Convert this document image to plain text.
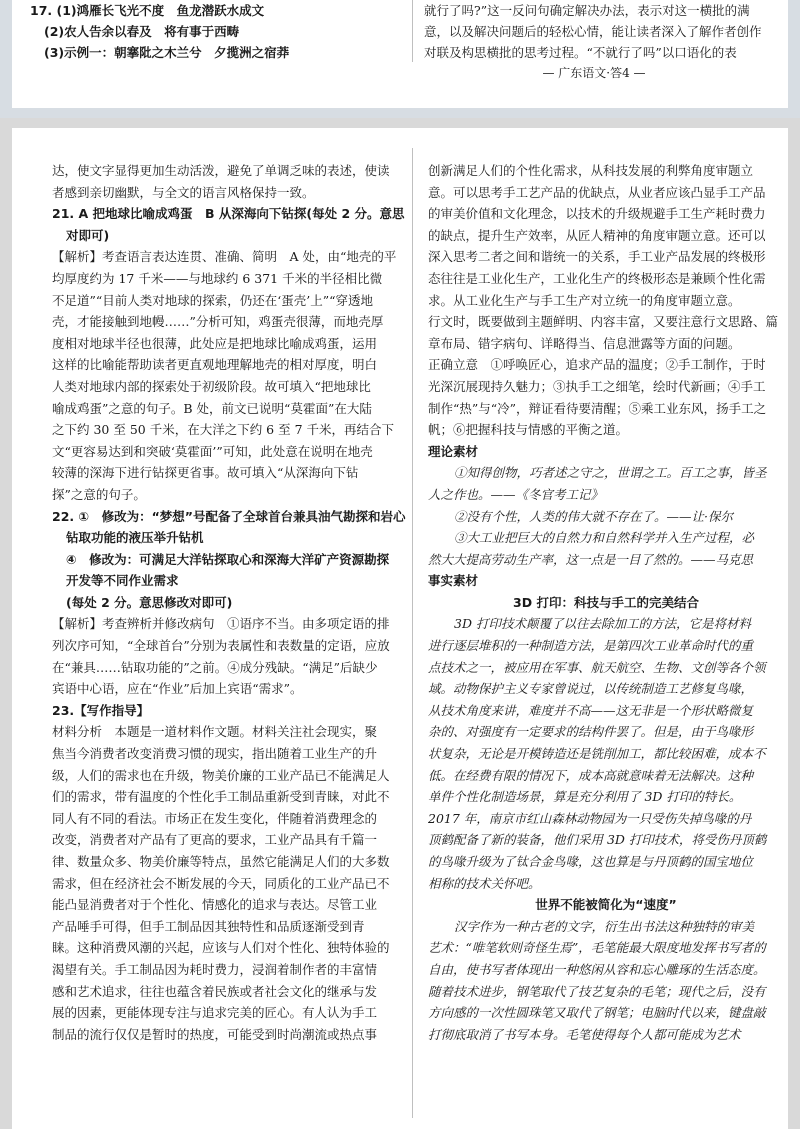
17. (1)鸿雁长飞光不度　鱼龙潜跃水成文
(2)农人告余以春及　将有事于西畴
(3)示例一：朝搴阰之木兰兮　夕揽洲之宿莽
就行了吗?”这一反问句确定解决办法，表示对这一横批的满
意，以及解决问题后的轻松心情，能让读者深入了解作者创作
对联及构思横批的思考过程。“不就行了吗”以口语化的表
— 广东语文·答4 —
达，使文字显得更加生动活泼，避免了单调乏味的表述，使读
者感到亲切幽默，与全文的语言风格保持一致。
21. A 把地球比喻成鸡蛋　B 从深海向下钻探(每处 2 分。意思
对即可)
【解析】考查语言表达连贯、准确、简明　A 处，由“地壳的平
均厚度约为 17 千米——与地球约 6 371 千米的半径相比微
不足道”“目前人类对地球的探索，仍还在‘蛋壳’上”“穿透地
壳，才能接触到地幔……”分析可知，鸡蛋壳很薄，而地壳厚
度相对地球半径也很薄，此处应是把地球比喻成鸡蛋，运用
这样的比喻能帮助读者更直观地理解地壳的相对厚度，明白
人类对地球内部的探索处于初级阶段。故可填入“把地球比
喻成鸡蛋”之意的句子。B 处，前文已说明“莫霍面”在大陆
之下约 30 至 50 千米，在大洋之下约 6 至 7 千米，再结合下
文“更容易达到和突破‘莫霍面’”可知，此处意在说明在地壳
较薄的深海下进行钻探更省事。故可填入“从深海向下钻
探”之意的句子。
22. ①　修改为：“梦想”号配备了全球首台兼具油气勘探和岩心
钻取功能的液压举升钻机
④　修改为：可满足大洋钻探取心和深海大洋矿产资源勘探
开发等不同作业需求
(每处 2 分。意思修改对即可)
【解析】考查辨析并修改病句　①语序不当。由多项定语的排
列次序可知，“全球首台”分别为表属性和表数量的定语，应放
在“兼具……钻取功能的”之前。④成分残缺。“满足”后缺少
宾语中心语，应在“作业”后加上宾语“需求”。
23.【写作指导】
材料分析　本题是一道材料作文题。材料关注社会现实，聚
焦当今消费者改变消费习惯的现实，指出随着工业生产的升
级，人们的需求也在升级，物美价廉的工业产品已不能满足人
们的需求，带有温度的个性化手工制品重新受到青睐，对此不
同人有不同的看法。市场正在发生变化，伴随着消费理念的
改变，消费者对产品有了更高的要求，工业产品具有千篇一
律、数量众多、物美价廉等特点，虽然它能满足人们的大多数
需求，但在经济社会不断发展的今天，同质化的工业产品已不
能凸显消费者对于个性化、情感化的追求与表达。尽管工业
产品唾手可得，但手工制品因其独特性和品质逐渐受到青
睐。这种消费风潮的兴起，应该与人们对个性化、独特体验的
渴望有关。手工制品因为耗时费力，浸润着制作者的丰富情
感和艺术追求，往往也蕴含着民族或者社会文化的继承与发
展的因素，更能体现专注与追求完美的匠心。有人认为手工
制品的流行仅仅是暂时的热度，可能受到时尚潮流或热点事
创新满足人们的个性化需求，从科技发展的利弊角度审题立
意。可以思考手工艺产品的优缺点，从业者应该凸显手工产品
的审美价值和文化理念，以技术的升级规避手工生产耗时费力
的缺点，提升生产效率，从匠人精神的角度审题立意。还可以
深入思考二者之间和谐统一的关系，手工业产品发展的终极形
态往往是工业化生产，工业化生产的终极形态是兼顾个性化需
求。从工业化生产与手工生产对立统一的角度审题立意。
行文时，既要做到主题鲜明、内容丰富，又要注意行文思路、篇
章布局、错字病句、详略得当、信息泄露等方面的问题。
正确立意　①呼唤匠心，追求产品的温度；②手工制作，于时
光深沉展现持久魅力；③执手工之细笔，绘时代新画；④手工
制作“热”与“冷”，辩证看待要清醒；⑤乘工业东风，扬手工之
帆；⑥把握科技与情感的平衡之道。
理论素材
①知得创物，巧者述之守之，世谓之工。百工之事，皆圣
人之作也。——《冬官考工记》
②没有个性，人类的伟大就不存在了。——让·保尔
③大工业把巨大的自然力和自然科学并入生产过程，必
然大大提高劳动生产率，这一点是一目了然的。——马克思
事实素材
3D 打印：科技与手工的完美结合
3D 打印技术颠覆了以往去除加工的方法，它是将材料
进行逐层堆积的一种制造方法，是第四次工业革命时代的重
点技术之一，被应用在军事、航天航空、生物、文创等各个领
域。动物保护主义专家曾说过，以传统制造工艺修复鸟喙，
从技术角度来讲，难度并不高——这无非是一个形状略微复
杂的、对强度有一定要求的结构件罢了。但是，由于鸟喙形
状复杂，无论是开模铸造还是铣削加工，都比较困难，成本不
低。在经费有限的情况下，成本高就意味着无法解决。这种
单件个性化制造场景，算是充分利用了 3D 打印的特长。
2017 年，南京市红山森林动物园为一只受伤失掉鸟喙的丹
顶鹤配备了新的装备，他们采用 3D 打印技术，将受伤丹顶鹤
的鸟喙升级为了钛合金鸟喙，这也算是与丹顶鹤的国宝地位
相称的技术关怀吧。
世界不能被简化为“速度”
汉字作为一种古老的文字，衍生出书法这种独特的审美
艺术：“唯笔软则奇怪生焉”，毛笔能最大限度地发挥书写者的
自由，使书写者体现出一种悠闲从容和忘心雕琢的生活态度。
随着技术进步，钢笔取代了技艺复杂的毛笔；现代之后，没有
方向感的一次性圆珠笔又取代了钢笔；电脑时代以来，键盘敲
打彻底取消了书写本身。毛笔使得每个人都可能成为艺术
